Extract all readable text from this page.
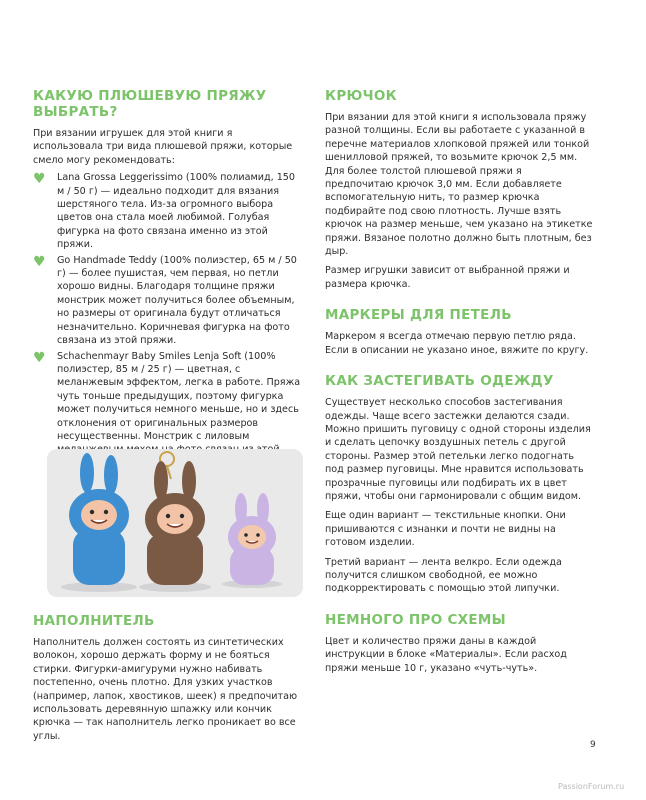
КАКУЮ ПЛЮШЕВУЮ ПРЯЖУ ВЫБРАТЬ?

При вязании игрушек для этой книги я использовала три вида плюшевой пряжи, которые смело могу рекомендовать:

♥ Lana Grossa Leggerissimo (100% полиамид, 150 м / 50 г) — идеально подходит для вязания шерстяного тела. Из-за огромного выбора цветов она стала моей любимой. Голубая фигурка на фото связана именно из этой пряжи.
♥ Go Handmade Teddy (100% полиэстер, 65 м / 50 г) — более пушистая, чем первая, но петли хорошо видны. Благодаря толщине пряжи монстрик может получиться более объемным, но размеры от оригинала будут отличаться незначительно. Коричневая фигурка на фото связана из этой пряжи.
♥ Schachenmayr Baby Smiles Lenja Soft (100% полиэстер, 85 м / 25 г) — цветная, с меланжевым эффектом, легка в работе. Пряжа чуть тоньше предыдущих, поэтому фигурка может получиться немного меньше, но и здесь отклонения от оригинальных размеров несущественны. Монстрик с лиловым
НАПОЛНИТЕЛЬ

Наполнитель должен состоять из синтетических волокон, хорошо держать форму и не бояться стирки. Фигурки-амигуруми нужно набивать постепенно, очень плотно. Для узких участков (например, лапок, хвостиков, шеек) я предпочитаю использовать деревянную шпажку или кончик крючка — так наполнитель легко проникает во все углы.

КРЮЧОК

При вязании для этой книги я использовала пряжу разной толщины. Если вы работаете с указанной в перечне материалов хлопковой пряжей или тонкой шенилловой пряжей, то возьмите крючок 2,5 мм. Для более толстой плюшевой пряжи я предпочитаю крючок 3,0 мм. Если добавляете вспомогательную нить, то размер крючка подбирайте под свою плотность. Лучше взять крючок на размер меньше, чем указано на этикетке пряжи. Вязаное полотно должно быть плотным, без дыр.

Размер игрушки зависит от выбранной пряжи и размера крючка.

МАРКЕРЫ ДЛЯ ПЕТЕЛЬ

Маркером я всегда отмечаю первую петлю ряда. Если в описании не указано иное, вяжите по кругу.

КАК ЗАСТЕГИВАТЬ ОДЕЖДУ

Существует несколько способов застегивания одежды. Чаще всего застежки делаются сзади. Можно пришить пуговицу с одной стороны изделия и сделать цепочку воздушных петель с другой стороны. Размер этой петельки легко подогнать под размер пуговицы. Мне нравится использовать прозрачные пуговицы или подбирать их в цвет пряжи, чтобы они гармонировали с общим видом.

Еще один вариант — текстильные кнопки. Они пришиваются с изнанки и почти не видны на готовом изделии.

Третий вариант — лента велкро. Если одежда получится слишком свободной, ее можно подкорректировать с помощью этой липучки.

НЕМНОГО ПРО СХЕМЫ

Цвет и количество пряжи даны в каждой инструкции в блоке «Материалы». Если расход пряжи меньше 10 г, указано «чуть-чуть».

9
PassionForum.ru
